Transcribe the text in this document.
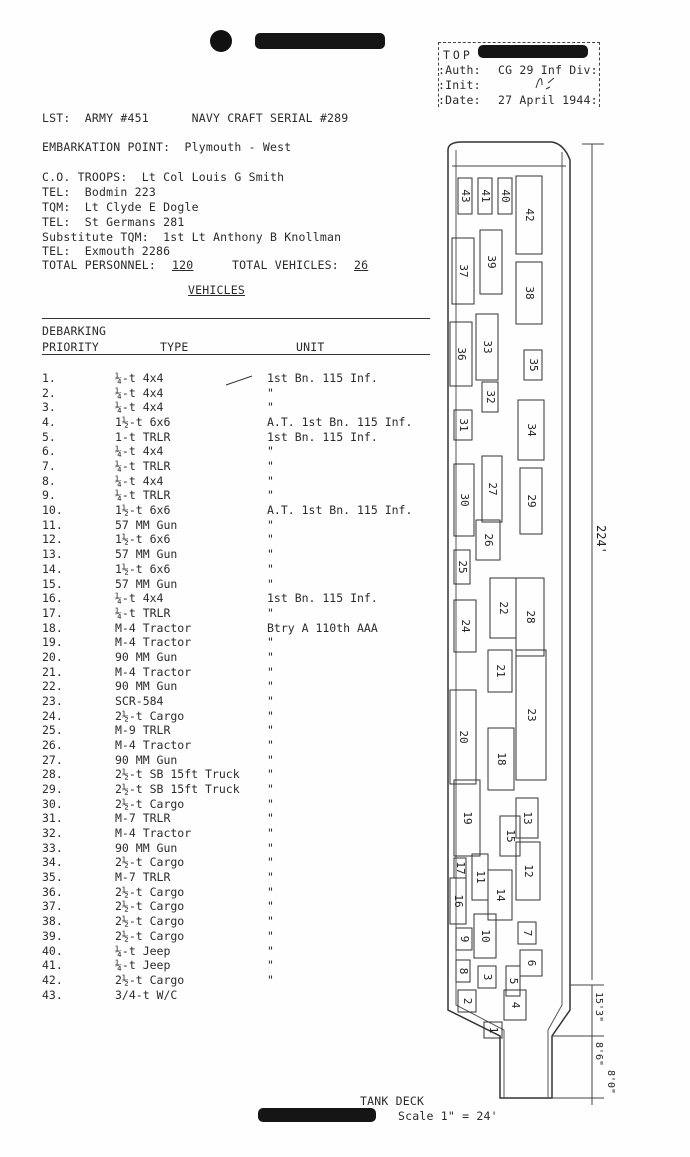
TOP
:Auth: CG 29 Inf Div:
:Init:
:Date: 27 April 1944:
LST:  ARMY #451      NAVY CRAFT SERIAL #289
EMBARKATION POINT:  Plymouth - West
C.O. TROOPS:  Lt Col Louis G Smith
TEL:  Bodmin 223
TQM:  Lt Clyde E Dogle
TEL:  St Germans 281
Substitute TQM:  1st Lt Anthony B Knollman
TEL:  Exmouth 2286
TOTAL PERSONNEL: 120	TOTAL VEHICLES: 26
VEHICLES
DEBARKING
PRIORITY	TYPE	UNIT
1.	¼-t 4x4	1st Bn. 115 Inf.
2.	¼-t 4x4	"
3.	¼-t 4x4	"
4.	1½-t 6x6	A.T. 1st Bn. 115 Inf.
5.	1-t TRLR	1st Bn. 115 Inf.
6.	¼-t 4x4	"
7.	¼-t TRLR	"
8.	¼-t 4x4	"
9.	¼-t TRLR	"
10.	1½-t 6x6	A.T. 1st Bn. 115 Inf.
11.	57 MM Gun	"
12.	1½-t 6x6	"
13.	57 MM Gun	"
14.	1½-t 6x6	"
15.	57 MM Gun	"
16.	¼-t 4x4	1st Bn. 115 Inf.
17.	¼-t TRLR	"
18.	M-4 Tractor	Btry A 110th AAA
19.	M-4 Tractor	"
20.	90 MM Gun	"
21.	M-4 Tractor	"
22.	90 MM Gun	"
23.	SCR-584	"
24.	2½-t Cargo	"
25.	M-9 TRLR	"
26.	M-4 Tractor	"
27.	90 MM Gun	"
28.	2½-t SB 15ft Truck "
29.	2½-t SB 15ft Truck "
30.	2½-t Cargo	"
31.	M-7 TRLR	"
32.	M-4 Tractor	"
33.	90 MM Gun	"
34.	2½-t Cargo	"
35.	M-7 TRLR	"
36.	2½-t Cargo	"
37.	2½-t Cargo	"
38.	2½-t Cargo	"
39.	2½-t Cargo	"
40.	¼-t Jeep	"
41.	¼-t Jeep	"
42.	2½-t Cargo	"
43.	3/4-t W/C
43 41 40
42
37
39
38
36
33
35
32
31	34
30
27
29
26
25
22
28
24
21
20
23
18
19	13
15
17
11	12
16	14
9 10	7
3
6
8
5
2
4
1
224'
15'3"
8'6"
8'0"
TANK DECK
Scale 1" = 24'
